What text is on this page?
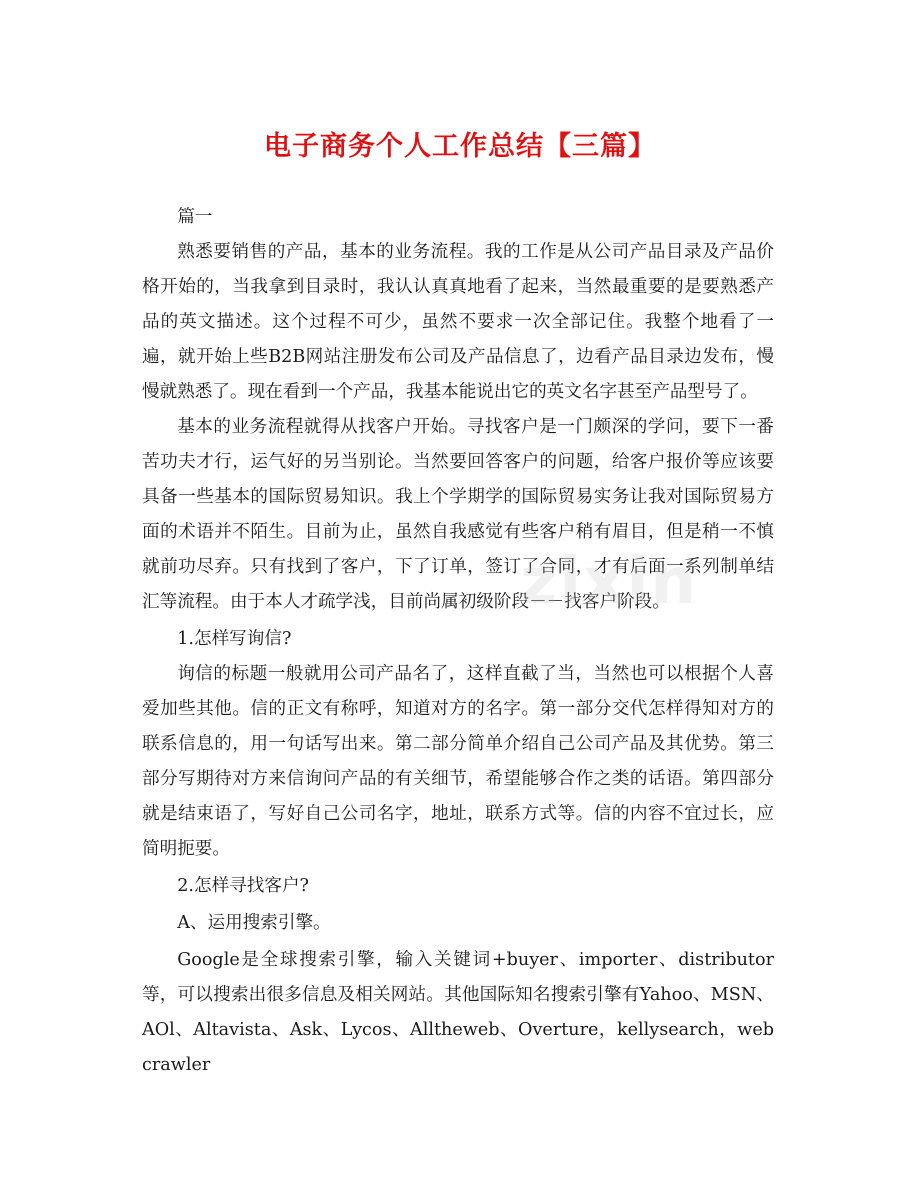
电子商务个人工作总结【三篇】

篇一

熟悉要销售的产品，基本的业务流程。我的工作是从公司产品目录及产品价格开始的，当我拿到目录时，我认认真真地看了起来，当然最重要的是要熟悉产品的英文描述。这个过程不可少，虽然不要求一次全部记住。我整个地看了一遍，就开始上些B2B网站注册发布公司及产品信息了，边看产品目录边发布，慢慢就熟悉了。现在看到一个产品，我基本能说出它的英文名字甚至产品型号了。

基本的业务流程就得从找客户开始。寻找客户是一门颇深的学问，要下一番苦功夫才行，运气好的另当别论。当然要回答客户的问题，给客户报价等应该要具备一些基本的国际贸易知识。我上个学期学的国际贸易实务让我对国际贸易方面的术语并不陌生。目前为止，虽然自我感觉有些客户稍有眉目，但是稍一不慎就前功尽弃。只有找到了客户，下了订单，签订了合同，才有后面一系列制单结汇等流程。由于本人才疏学浅，目前尚属初级阶段－－找客户阶段。

1.怎样写询信?

询信的标题一般就用公司产品名了，这样直截了当，当然也可以根据个人喜爱加些其他。信的正文有称呼，知道对方的名字。第一部分交代怎样得知对方的联系信息的，用一句话写出来。第二部分简单介绍自己公司产品及其优势。第三部分写期待对方来信询问产品的有关细节，希望能够合作之类的话语。第四部分就是结束语了，写好自己公司名字，地址，联系方式等。信的内容不宜过长，应简明扼要。

2.怎样寻找客户?

A、运用搜索引擎。

Google是全球搜索引擎，输入关键词+buyer、importer、distributor等，可以搜索出很多信息及相关网站。其他国际知名搜索引擎有Yahoo、MSN、AOl、Altavista、Ask、Lycos、Alltheweb、Overture，kellysearch，webcrawler

zixin
